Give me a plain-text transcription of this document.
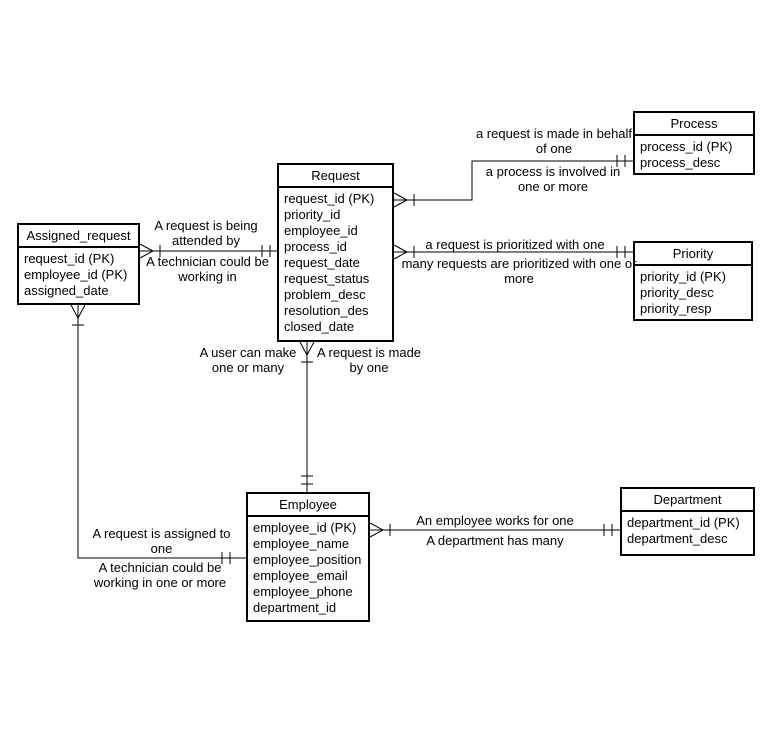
Assigned_request
request_id (PK)
employee_id (PK)
assigned_date
Request
request_id (PK)
priority_id
employee_id
process_id
request_date
request_status
problem_desc
resolution_des
closed_date
Process
process_id (PK)
process_desc
Priority
priority_id (PK)
priority_desc
priority_resp
Employee
employee_id (PK)
employee_name
employee_position
employee_email
employee_phone
department_id
Department
department_id (PK)
department_desc
A request is being attended by
A technician could be working in
a request is made in behalf of one
a process is involved in one or more
a request is prioritized with one
many requests are prioritized with one or more
A user can make one or many
A request is made by one
A request is assigned to one
A technician could be working in one or more
An employee works for one
A department has many
